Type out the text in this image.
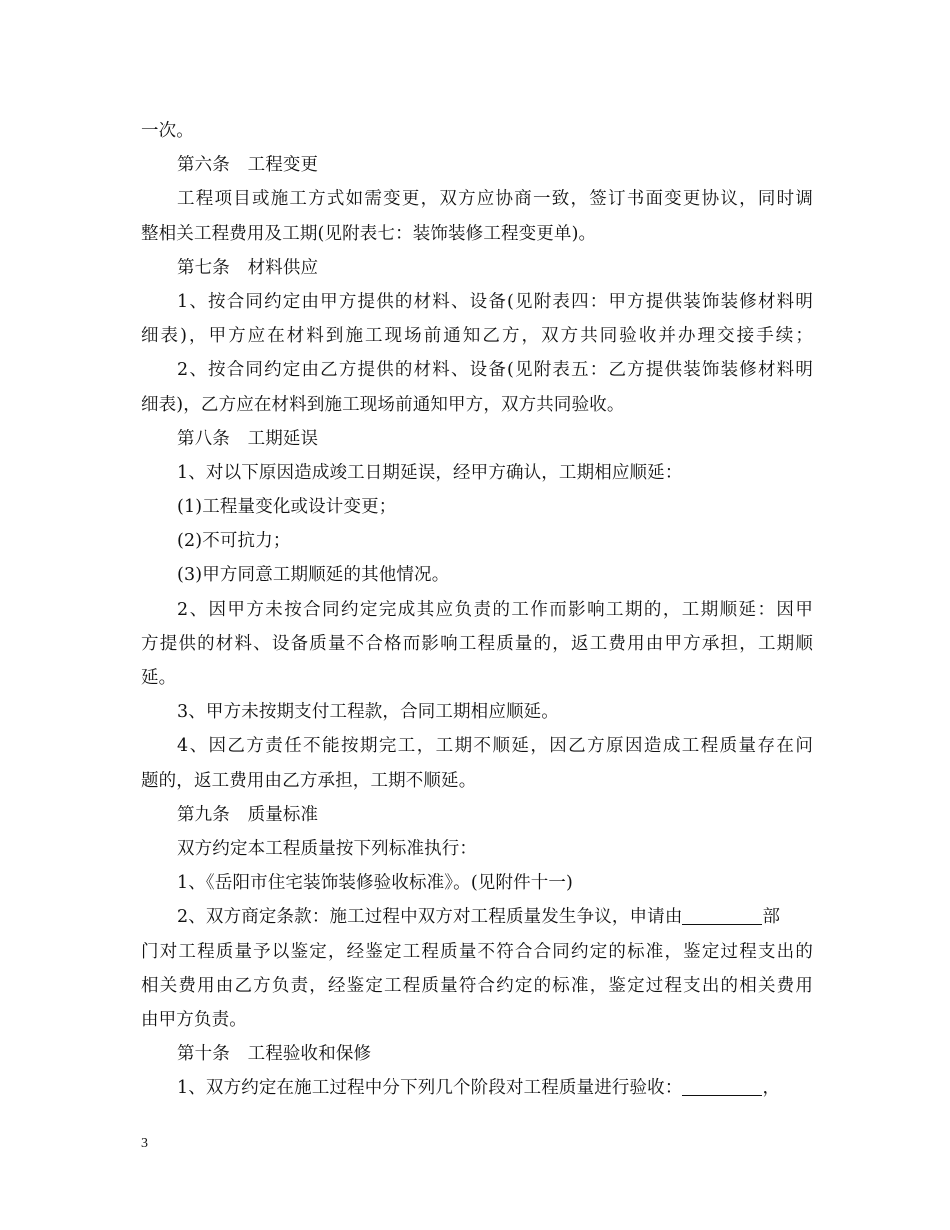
一次。
第六条　工程变更
工程项目或施工方式如需变更，双方应协商一致，签订书面变更协议，同时调
整相关工程费用及工期(见附表七：装饰装修工程变更单)。
第七条　材料供应
1、按合同约定由甲方提供的材料、设备(见附表四：甲方提供装饰装修材料明
细表)，甲方应在材料到施工现场前通知乙方，双方共同验收并办理交接手续；
2、按合同约定由乙方提供的材料、设备(见附表五：乙方提供装饰装修材料明
细表)，乙方应在材料到施工现场前通知甲方，双方共同验收。
第八条　工期延误
1、对以下原因造成竣工日期延误，经甲方确认，工期相应顺延：
(1)工程量变化或设计变更；
(2)不可抗力；
(3)甲方同意工期顺延的其他情况。
2、因甲方未按合同约定完成其应负责的工作而影响工期的，工期顺延：因甲
方提供的材料、设备质量不合格而影响工程质量的，返工费用由甲方承担，工期顺
延。
3、甲方未按期支付工程款，合同工期相应顺延。
4、因乙方责任不能按期完工，工期不顺延，因乙方原因造成工程质量存在问
题的，返工费用由乙方承担，工期不顺延。
第九条　质量标准
双方约定本工程质量按下列标准执行：
1、《岳阳市住宅装饰装修验收标准》。(见附件十一)
2、双方商定条款：施工过程中双方对工程质量发生争议，申请由	部
门对工程质量予以鉴定，经鉴定工程质量不符合合同约定的标准，鉴定过程支出的
相关费用由乙方负责，经鉴定工程质量符合约定的标准，鉴定过程支出的相关费用
由甲方负责。
第十条　工程验收和保修
1、双方约定在施工过程中分下列几个阶段对工程质量进行验收：	，
3
